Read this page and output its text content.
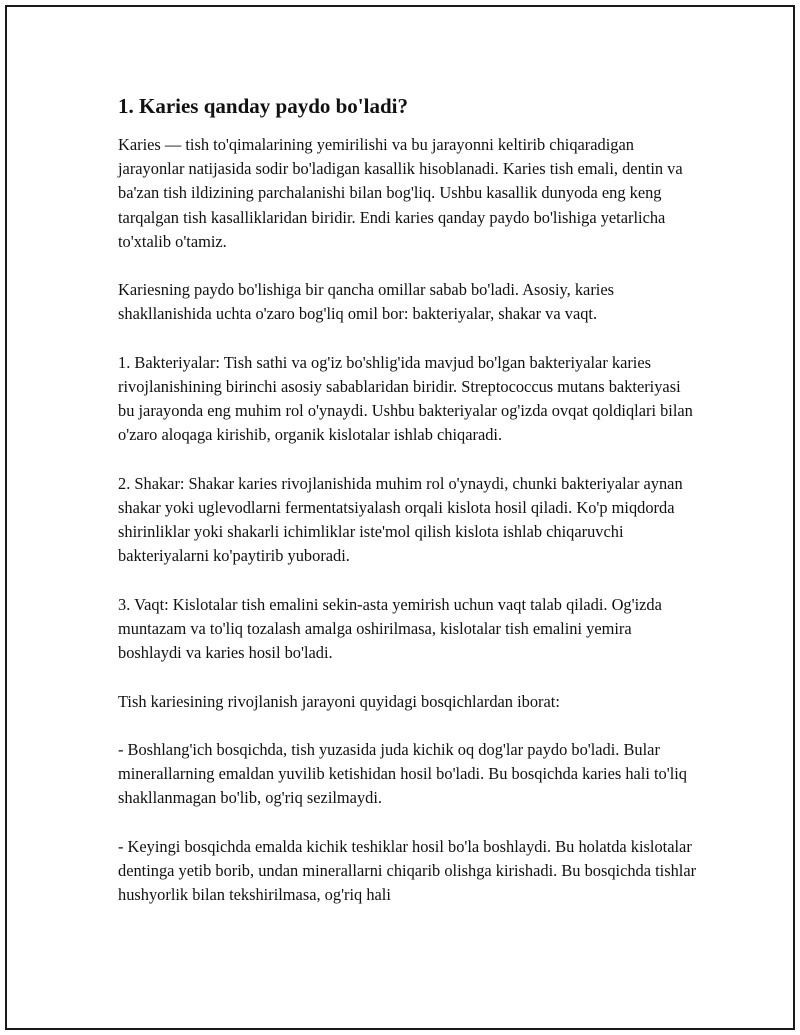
1. Karies qanday paydo bo'ladi?

Karies — tish to'qimalarining yemirilishi va bu jarayonni keltirib chiqaradigan jarayonlar natijasida sodir bo'ladigan kasallik hisoblanadi. Karies tish emali, dentin va ba'zan tish ildizining parchalanishi bilan bog'liq. Ushbu kasallik dunyoda eng keng tarqalgan tish kasalliklaridan biridir. Endi karies qanday paydo bo'lishiga yetarlicha to'xtalib o'tamiz.

Kariesning paydo bo'lishiga bir qancha omillar sabab bo'ladi. Asosiy, karies shakllanishida uchta o'zaro bog'liq omil bor: bakteriyalar, shakar va vaqt.

1. Bakteriyalar: Tish sathi va og'iz bo'shlig'ida mavjud bo'lgan bakteriyalar karies rivojlanishining birinchi asosiy sabablaridan biridir. Streptococcus mutans bakteriyasi bu jarayonda eng muhim rol o'ynaydi. Ushbu bakteriyalar og'izda ovqat qoldiqlari bilan o'zaro aloqaga kirishib, organik kislotalar ishlab chiqaradi.

2. Shakar: Shakar karies rivojlanishida muhim rol o'ynaydi, chunki bakteriyalar aynan shakar yoki uglevodlarni fermentatsiyalash orqali kislota hosil qiladi. Ko'p miqdorda shirinliklar yoki shakarli ichimliklar iste'mol qilish kislota ishlab chiqaruvchi bakteriyalarni ko'paytirib yuboradi.

3. Vaqt: Kislotalar tish emalini sekin-asta yemirish uchun vaqt talab qiladi. Og'izda muntazam va to'liq tozalash amalga oshirilmasa, kislotalar tish emalini yemira boshlaydi va karies hosil bo'ladi.

Tish kariesining rivojlanish jarayoni quyidagi bosqichlardan iborat:

- Boshlang'ich bosqichda, tish yuzasida juda kichik oq dog'lar paydo bo'ladi. Bular minerallarning emaldan yuvilib ketishidan hosil bo'ladi. Bu bosqichda karies hali to'liq shakllanmagan bo'lib, og'riq sezilmaydi.

- Keyingi bosqichda emalda kichik teshiklar hosil bo'la boshlaydi. Bu holatda kislotalar dentinga yetib borib, undan minerallarni chiqarib olishga kirishadi. Bu bosqichda tishlar hushyorlik bilan tekshirilmasa, og'riq hali
